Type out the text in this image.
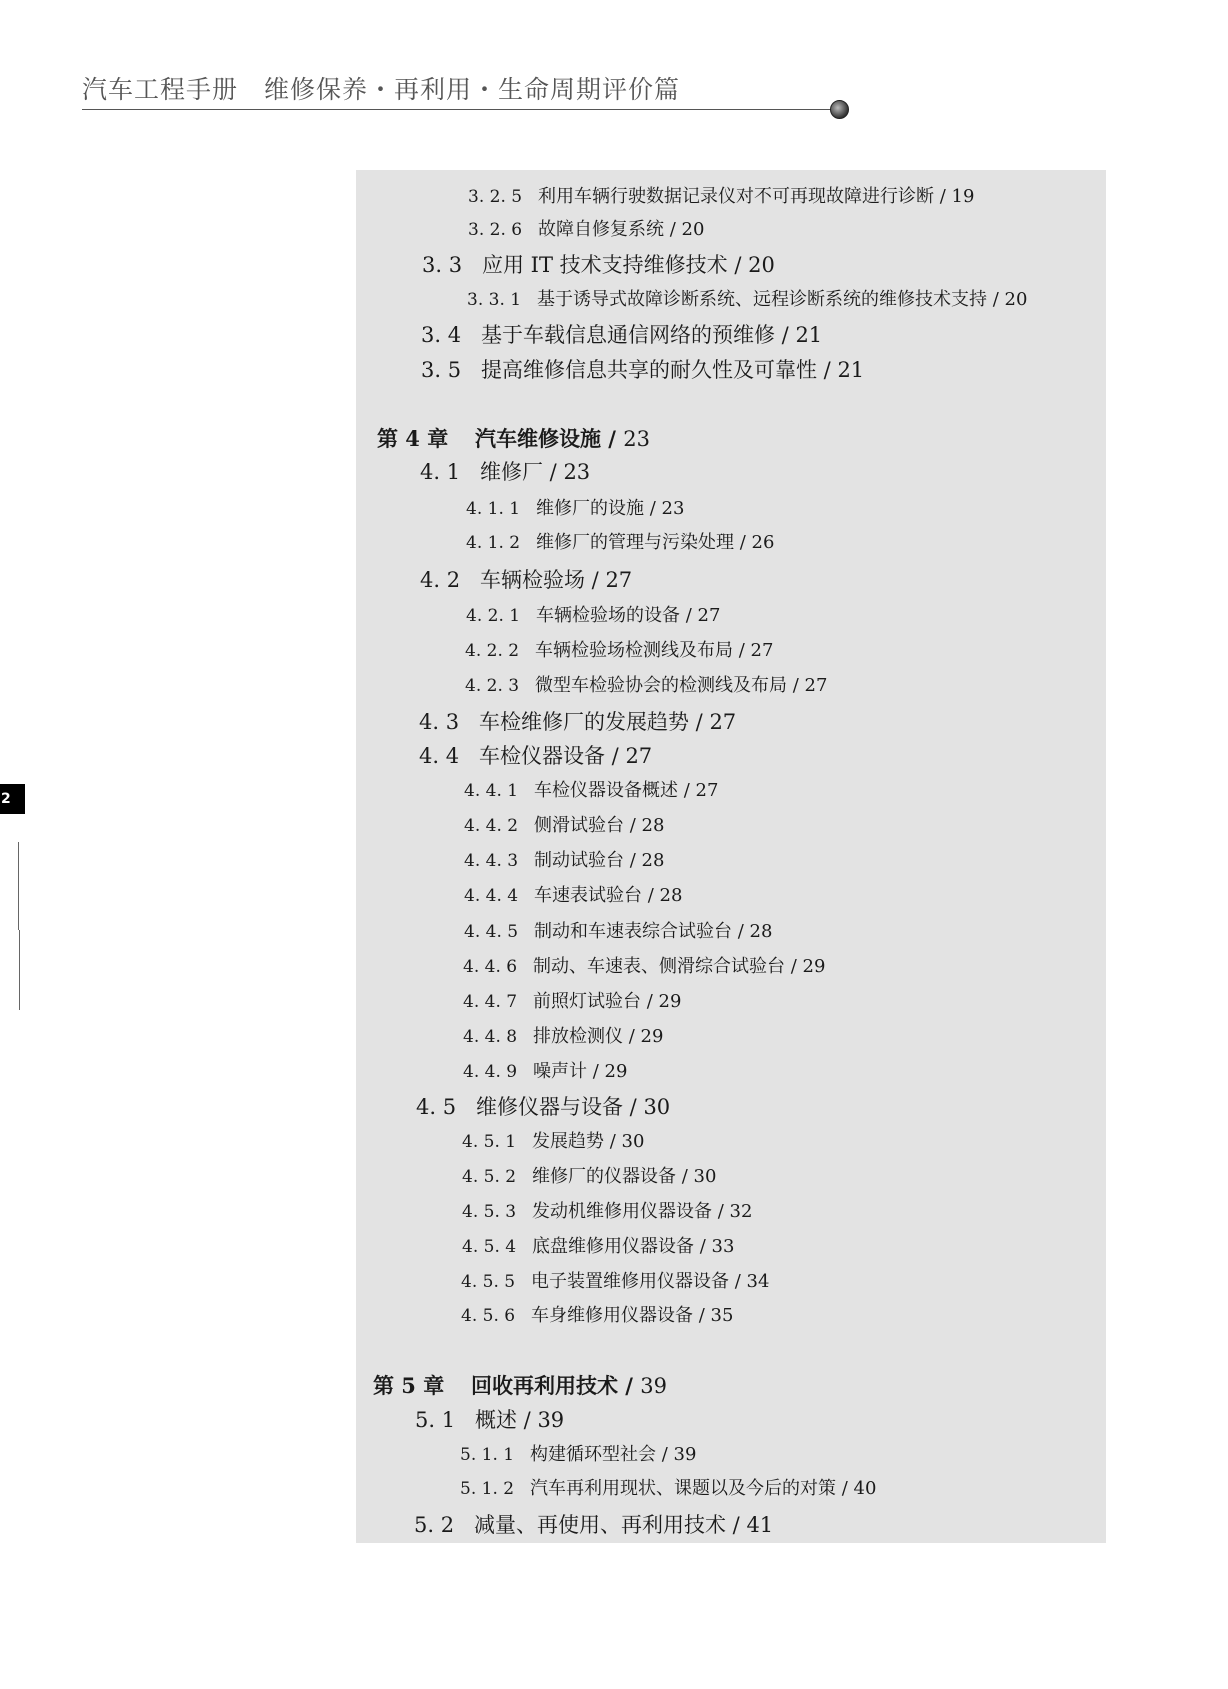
汽车工程手册 维修保养・再利用・生命周期评价篇
2
3. 2. 5 利用车辆行驶数据记录仪对不可再现故障进行诊断 / 19
3. 2. 6 故障自修复系统 / 20
3. 3 应用 IT 技术支持维修技术 / 20
3. 3. 1 基于诱导式故障诊断系统、远程诊断系统的维修技术支持 / 20
3. 4 基于车载信息通信网络的预维修 / 21
3. 5 提高维修信息共享的耐久性及可靠性 / 21
第 4 章 汽车维修设施 / 23
4. 1 维修厂 / 23
4. 1. 1 维修厂的设施 / 23
4. 1. 2 维修厂的管理与污染处理 / 26
4. 2 车辆检验场 / 27
4. 2. 1 车辆检验场的设备 / 27
4. 2. 2 车辆检验场检测线及布局 / 27
4. 2. 3 微型车检验协会的检测线及布局 / 27
4. 3 车检维修厂的发展趋势 / 27
4. 4 车检仪器设备 / 27
4. 4. 1 车检仪器设备概述 / 27
4. 4. 2 侧滑试验台 / 28
4. 4. 3 制动试验台 / 28
4. 4. 4 车速表试验台 / 28
4. 4. 5 制动和车速表综合试验台 / 28
4. 4. 6 制动、车速表、侧滑综合试验台 / 29
4. 4. 7 前照灯试验台 / 29
4. 4. 8 排放检测仪 / 29
4. 4. 9 噪声计 / 29
4. 5 维修仪器与设备 / 30
4. 5. 1 发展趋势 / 30
4. 5. 2 维修厂的仪器设备 / 30
4. 5. 3 发动机维修用仪器设备 / 32
4. 5. 4 底盘维修用仪器设备 / 33
4. 5. 5 电子装置维修用仪器设备 / 34
4. 5. 6 车身维修用仪器设备 / 35
第 5 章 回收再利用技术 / 39
5. 1 概述 / 39
5. 1. 1 构建循环型社会 / 39
5. 1. 2 汽车再利用现状、课题以及今后的对策 / 40
5. 2 减量、再使用、再利用技术 / 41
